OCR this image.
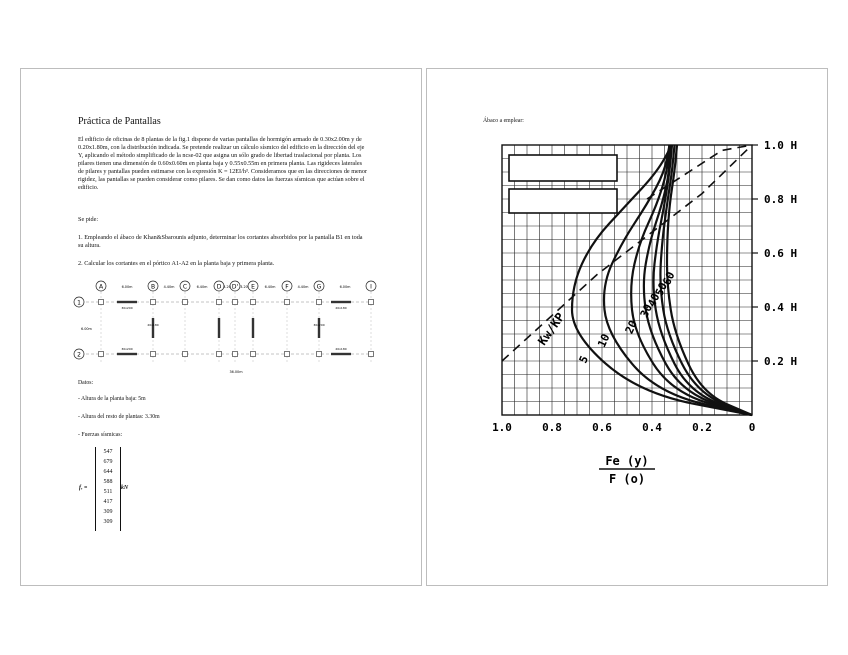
Práctica de Pantallas
El edificio de oficinas de 8 plantas de la fig.1 dispone de varias pantallas de hormigón armado de 0.30x2.00m y de 0.20x1.80m, con la distribución indicada. Se pretende realizar un cálculo sísmico del edificio en la dirección del eje Y, aplicando el método simplificado de la ncse-02 que asigna un sólo grado de libertad traslacional por planta. Los pilares tienen una dimensión de 0.60x0.60m en planta baja y 0.55x0.55m en primera planta. Las rigideces laterales de pilares y pantallas pueden estimarse con la expresión K = 12EI/h³. Consideramos que en las direcciones de menor rigidez, las pantallas se pueden considerar como pilares. Se dan como datos las fuerzas sísmicas que actúan sobre el edificio.
Se pide:
1. Empleando el ábaco de Khan&Sbarounis adjunto, determinar los cortantes absorbidos por la pantalla B1 en toda su altura.
2. Calcular los cortantes en el pórtico A1-A2 en la planta baja y primera planta.
A	B	C	D D' E	F	G	I
6.00m	4.40m	6.40m	3.20	3.20	6.40m	4.40m	6.00m
1
2
30x200	20x180
20x180	30x200
30x200	20x180
6.00m
36.00m
Datos:
- Altura de la planta baja: 5m
- Altura del resto de plantas: 3.30m
- Fuerzas sísmicas:
fₑ =
547
679
644
588
511
417
309
309
kN
Ábaco a emplear:
5
10
20
30
40
50
60
Kw/KP
1.0 H
0.8 H
0.6 H
0.4 H
0.2 H
1.0	0.8	0.6	0.4	0.2	0
Fe (y)
F (o)
